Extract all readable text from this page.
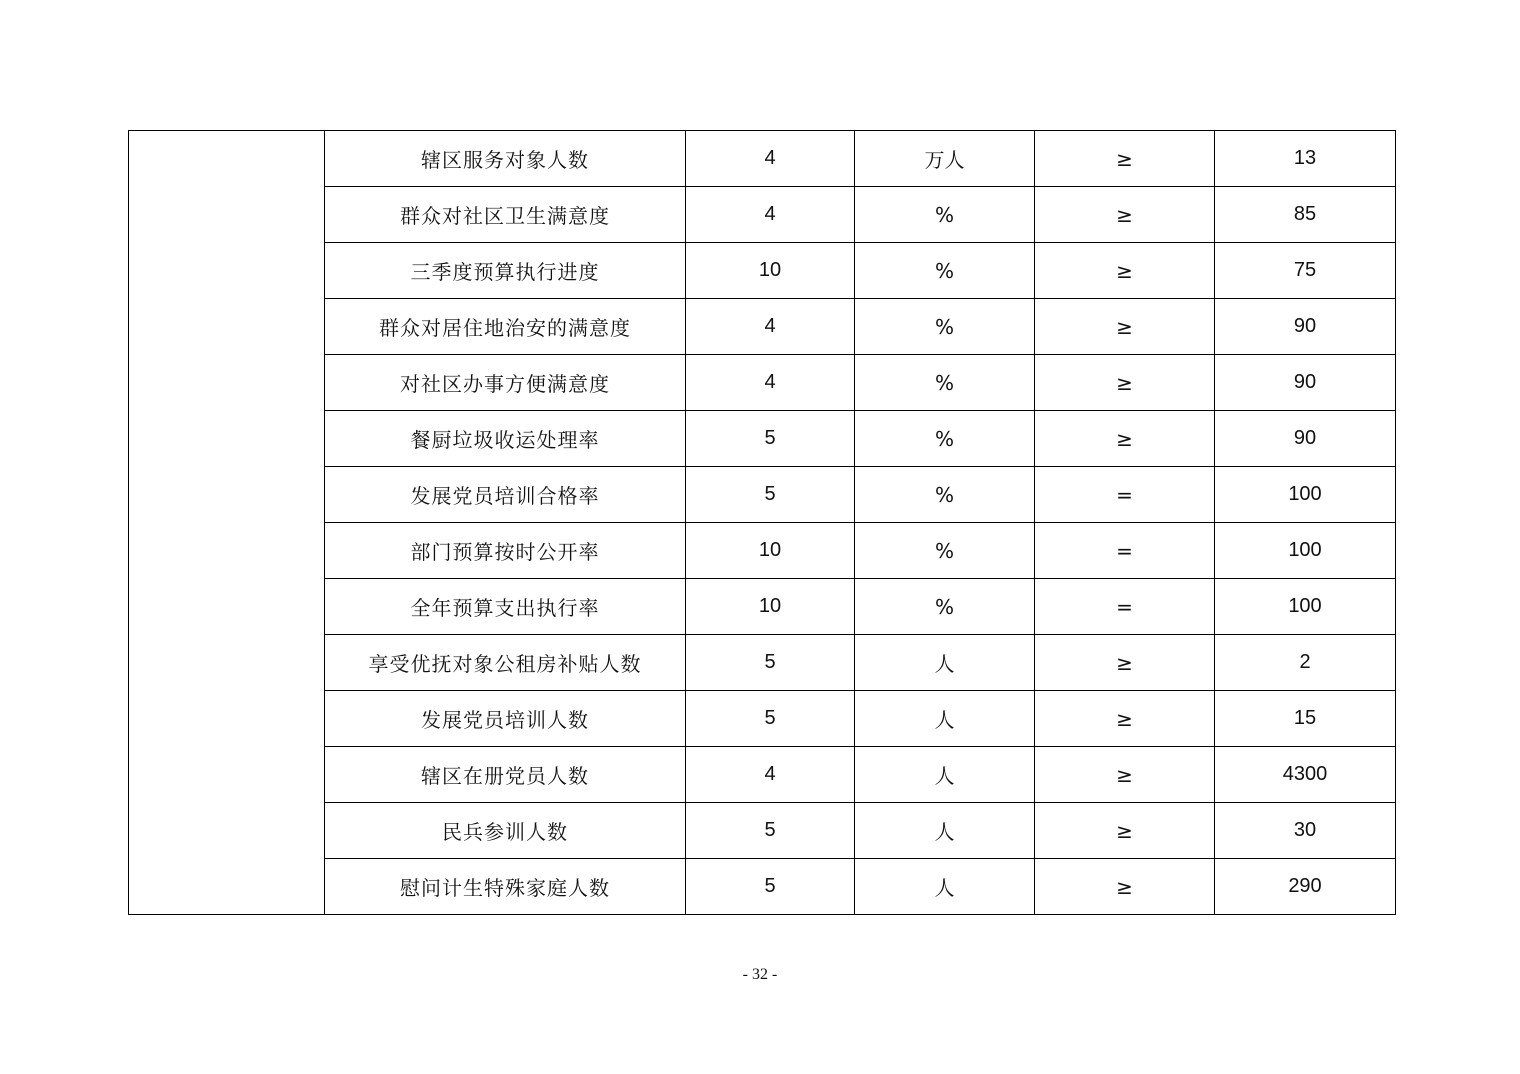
	辖区服务对象人数	4	万人	≥	13
	群众对社区卫生满意度	4	%	≥	85
	三季度预算执行进度	10	%	≥	75
	群众对居住地治安的满意度	4	%	≥	90
	对社区办事方便满意度	4	%	≥	90
	餐厨垃圾收运处理率	5	%	≥	90
	发展党员培训合格率	5	%	=	100
	部门预算按时公开率	10	%	=	100
	全年预算支出执行率	10	%	=	100
	享受优抚对象公租房补贴人数	5	人	≥	2
	发展党员培训人数	5	人	≥	15
	辖区在册党员人数	4	人	≥	4300
	民兵参训人数	5	人	≥	30
	慰问计生特殊家庭人数	5	人	≥	290
- 32 -
